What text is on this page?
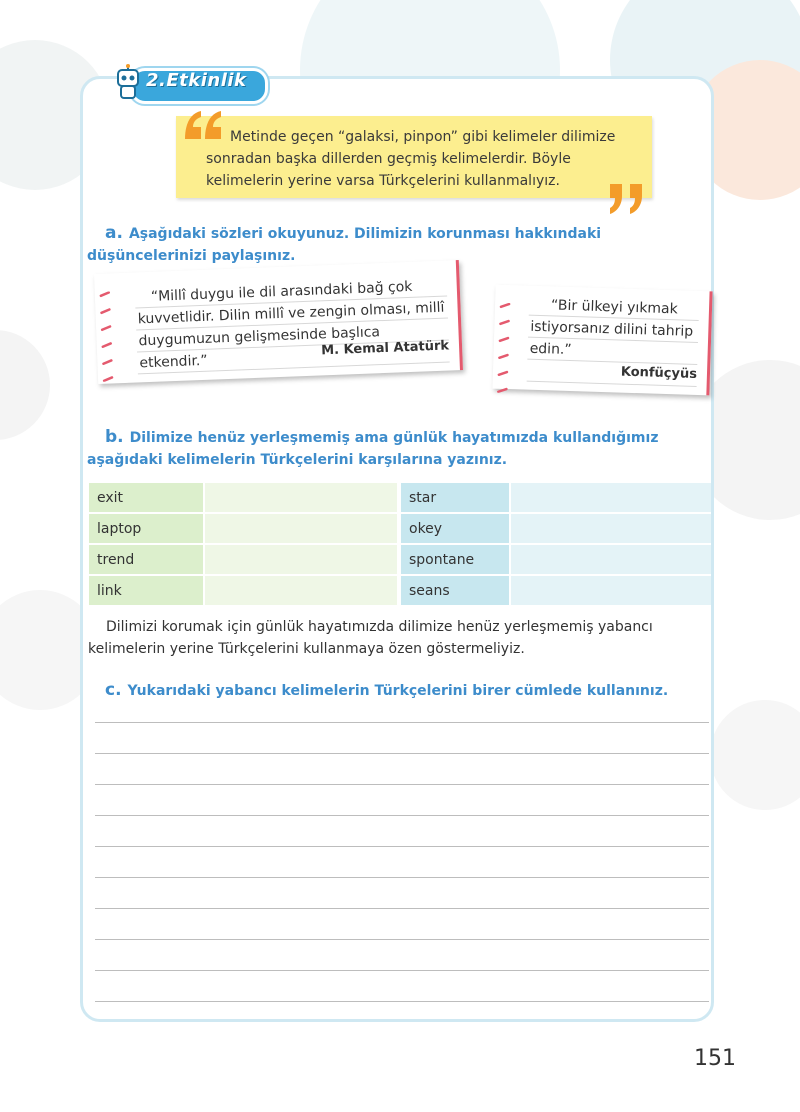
2.Etkinlik
Metinde geçen “galaksi, pinpon” gibi kelimeler dilimize sonradan başka dillerden geçmiş kelimelerdir. Böyle kelimelerin yerine varsa Türkçelerini kullanmalıyız.
a. Aşağıdaki sözleri okuyunuz. Dilimizin korunması hakkındaki düşüncelerinizi paylaşınız.
“Millî duygu ile dil arasındaki bağ çok kuvvetlidir. Dilin millî ve zengin olması, millî duygumuzun gelişmesinde başlıca etkendir.”
M. Kemal Atatürk
“Bir ülkeyi yıkmak istiyorsanız dilini tahrip edin.”
Konfüçyüs
b. Dilimize henüz yerleşmemiş ama günlük hayatımızda kullandığımız aşağıdaki kelimelerin Türkçelerini karşılarına yazınız.
exit		star	
laptop		okey	
trend		spontane	
link		seans	
Dilimizi korumak için günlük hayatımızda dilimize henüz yerleşmemiş yabancı kelimelerin yerine Türkçelerini kullanmaya özen göstermeliyiz.
c. Yukarıdaki yabancı kelimelerin Türkçelerini birer cümlede kullanınız.
151
